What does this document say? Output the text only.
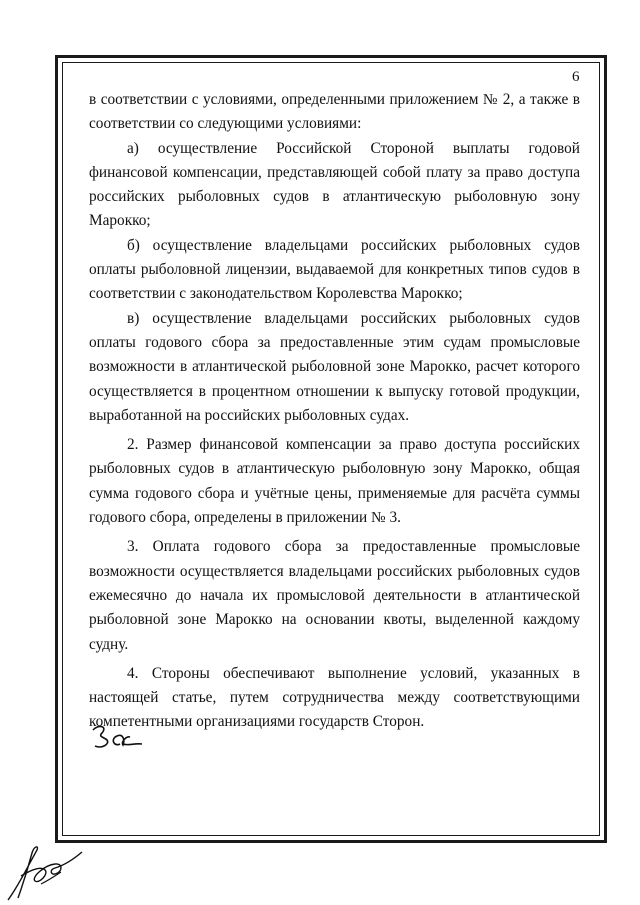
6

в соответствии с условиями, определенными приложением № 2, а также в соответствии со следующими условиями:

а) осуществление Российской Стороной выплаты годовой финансовой компенсации, представляющей собой плату за право доступа российских рыболовных судов в атлантическую рыболовную зону Марокко;

б) осуществление владельцами российских рыболовных судов оплаты рыболовной лицензии, выдаваемой для конкретных типов судов в соответствии с законодательством Королевства Марокко;

в) осуществление владельцами российских рыболовных судов оплаты годового сбора за предоставленные этим судам промысловые возможности в атлантической рыболовной зоне Марокко, расчет которого осуществляется в процентном отношении к выпуску готовой продукции, выработанной на российских рыболовных судах.

2. Размер финансовой компенсации за право доступа российских рыболовных судов в атлантическую рыболовную зону Марокко, общая сумма годового сбора и учётные цены, применяемые для расчёта суммы годового сбора, определены в приложении № 3.

3. Оплата годового сбора за предоставленные промысловые возможности осуществляется владельцами российских рыболовных судов ежемесячно до начала их промысловой деятельности в атлантической рыболовной зоне Марокко на основании квоты, выделенной каждому судну.

4. Стороны обеспечивают выполнение условий, указанных в настоящей статье, путем сотрудничества между соответствующими компетентными организациями государств Сторон.
